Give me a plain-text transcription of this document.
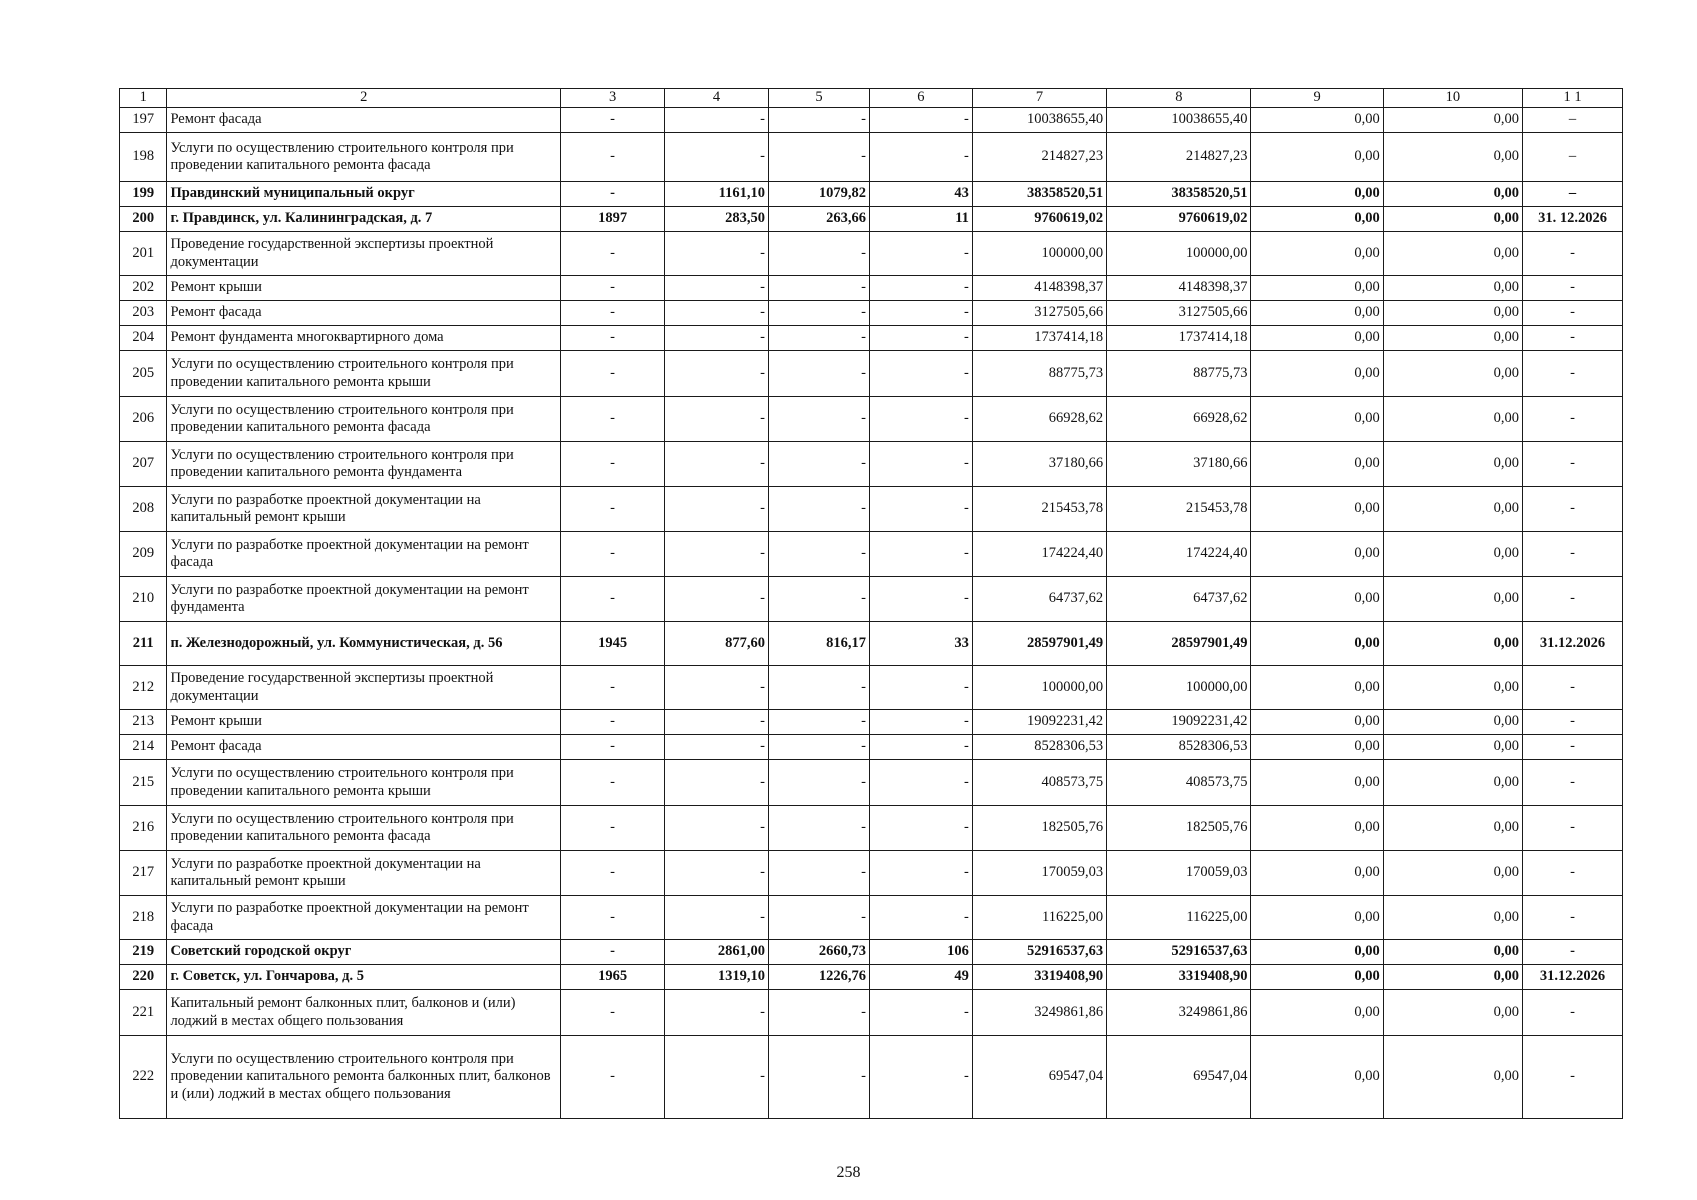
1	2	3	4	5	6	7	8	9	10	1 1
197	Ремонт фасада	-	-	-	-	10038655,40	10038655,40	0,00	0,00	–
198	Услуги по осуществлению строительного контроля при проведении капитального ремонта фасада	-	-	-	-	214827,23	214827,23	0,00	0,00	–
199	Правдинский муниципальный округ	-	1161,10	1079,82	43	38358520,51	38358520,51	0,00	0,00	–
200	г. Правдинск, ул. Калининградская, д. 7	1897	283,50	263,66	11	9760619,02	9760619,02	0,00	0,00	31. 12.2026
201	Проведение государственной экспертизы проектной документации	-	-	-	-	100000,00	100000,00	0,00	0,00	-
202	Ремонт крыши	-	-	-	-	4148398,37	4148398,37	0,00	0,00	-
203	Ремонт фасада	-	-	-	-	3127505,66	3127505,66	0,00	0,00	-
204	Ремонт фундамента многоквартирного дома	-	-	-	-	1737414,18	1737414,18	0,00	0,00	-
205	Услуги по осуществлению строительного контроля при проведении капитального ремонта крыши	-	-	-	-	88775,73	88775,73	0,00	0,00	-
206	Услуги по осуществлению строительного контроля при проведении капитального ремонта фасада	-	-	-	-	66928,62	66928,62	0,00	0,00	-
207	Услуги по осуществлению строительного контроля при проведении капитального ремонта фундамента	-	-	-	-	37180,66	37180,66	0,00	0,00	-
208	Услуги по разработке проектной документации на капитальный ремонт крыши	-	-	-	-	215453,78	215453,78	0,00	0,00	-
209	Услуги по разработке проектной документации на ремонт фасада	-	-	-	-	174224,40	174224,40	0,00	0,00	-
210	Услуги по разработке проектной документации на ремонт фундамента	-	-	-	-	64737,62	64737,62	0,00	0,00	-
211	п. Железнодорожный, ул. Коммунистическая, д. 56	1945	877,60	816,17	33	28597901,49	28597901,49	0,00	0,00	31.12.2026
212	Проведение государственной экспертизы проектной документации	-	-	-	-	100000,00	100000,00	0,00	0,00	-
213	Ремонт крыши	-	-	-	-	19092231,42	19092231,42	0,00	0,00	-
214	Ремонт фасада	-	-	-	-	8528306,53	8528306,53	0,00	0,00	-
215	Услуги по осуществлению строительного контроля при проведении капитального ремонта крыши	-	-	-	-	408573,75	408573,75	0,00	0,00	-
216	Услуги по осуществлению строительного контроля при проведении капитального ремонта фасада	-	-	-	-	182505,76	182505,76	0,00	0,00	-
217	Услуги по разработке проектной документации на капитальный ремонт крыши	-	-	-	-	170059,03	170059,03	0,00	0,00	-
218	Услуги по разработке проектной документации на ремонт фасада	-	-	-	-	116225,00	116225,00	0,00	0,00	-
219	Советский городской округ	-	2861,00	2660,73	106	52916537,63	52916537,63	0,00	0,00	-
220	г. Советск, ул. Гончарова, д. 5	1965	1319,10	1226,76	49	3319408,90	3319408,90	0,00	0,00	31.12.2026
221	Капитальный ремонт балконных плит, балконов и (или) лоджий в местах общего пользования	-	-	-	-	3249861,86	3249861,86	0,00	0,00	-
222	Услуги по осуществлению строительного контроля при проведении капитального ремонта балконных плит, балконов и (или) лоджий в местах общего пользования	-	-	-	-	69547,04	69547,04	0,00	0,00	-
258
